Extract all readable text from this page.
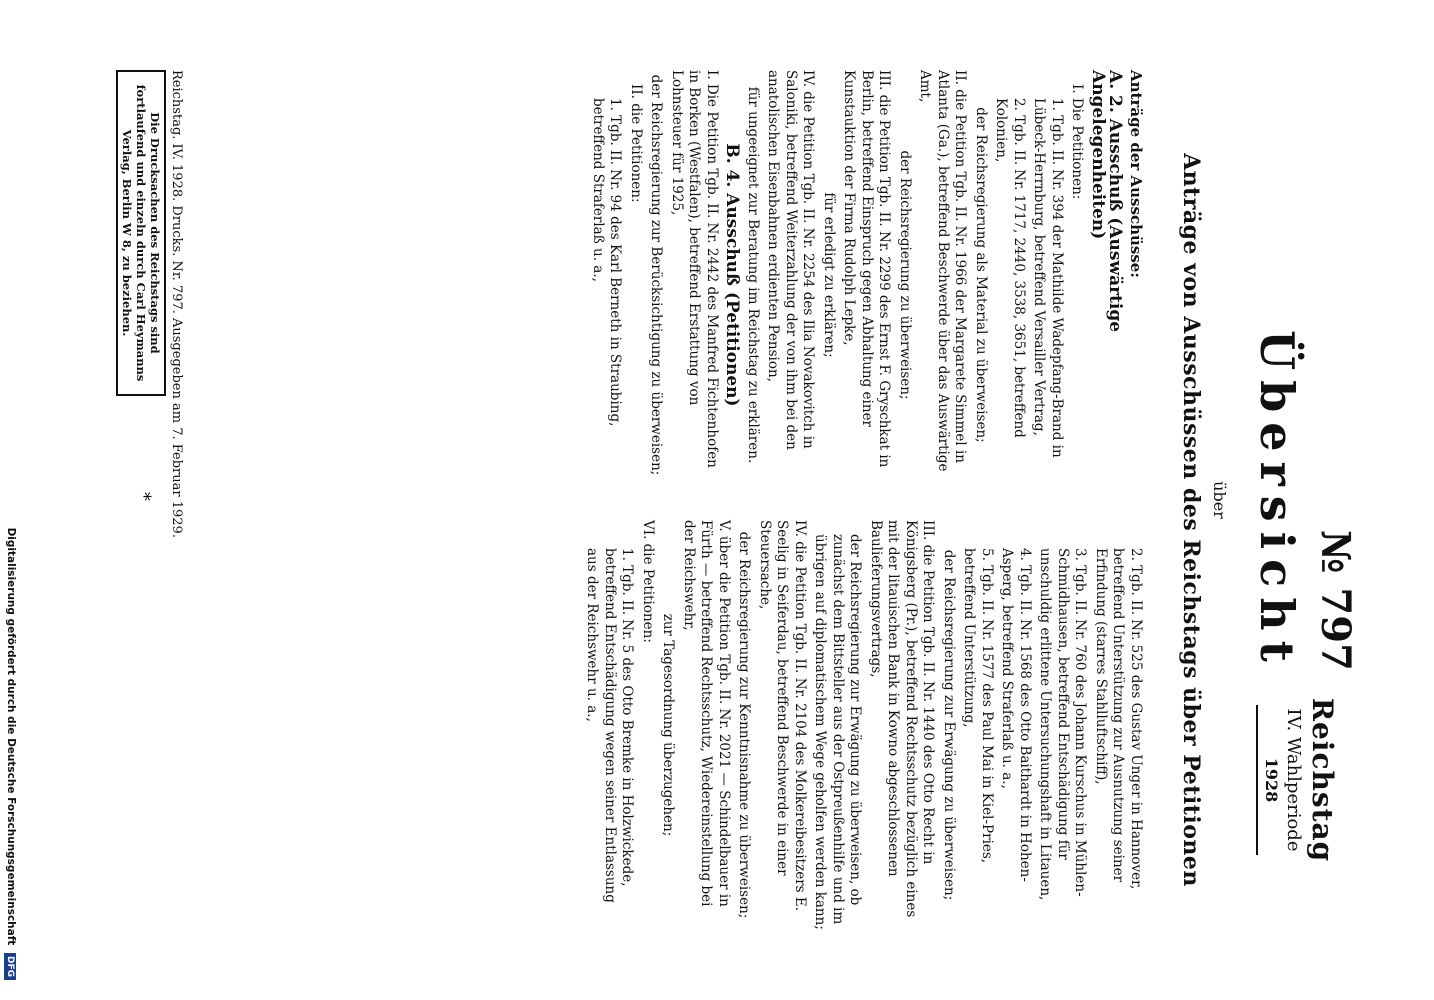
Reichstag
IV. Wahlperiode
1928
№ 797
Übersicht
über
Anträge von Ausschüssen des Reichstags über Petitionen

Anträge der Ausschüsse:

A. 2. Ausschuß (Auswärtige Angelegenheiten)

I. Die Petitionen:

1. Tgb. II. Nr. 394 der Mathilde Wadepfang-Brand in Lübeck-Herrnburg, betreffend Versailler Vertrag,

2. Tgb. II. Nr. 1717, 2440, 3538, 3651, betreffend Kolonien,

der Reichsregierung als Material zu überweisen;

II. die Petition Tgb. II. Nr. 1966 der Margarete Simmel in Atlanta (Ga.), betreffend Beschwerde über das Auswärtige Amt,

der Reichsregierung zu überweisen;

III. die Petition Tgb. II. Nr. 2299 des Ernst F. Gryschkat in Berlin, betreffend Einspruch gegen Abhaltung einer Kunstauktion der Firma Rudolph Lepke,

für erledigt zu erklären;

IV. die Petition Tgb. II. Nr. 2254 des Ilia Novakovitch in Saloniki, betreffend Weiterzahlung der von ihm bei den anatolischen Eisenbahnen erdienten Pension,

für ungeeignet zur Beratung im Reichstag zu erklären.

B. 4. Ausschuß (Petitionen)

I. Die Petition Tgb. II. Nr. 2442 des Manfred Fichtenhofen in Borken (Westfalen), betreffend Erstattung von Lohnsteuer für 1925,

der Reichsregierung zur Berücksichtigung zu überweisen;

II. die Petitionen:

1. Tgb. II. Nr. 94 des Karl Berneth in Straubing, betreffend Straferlaß u. a.,

2. Tgb. II. Nr. 525 des Gustav Unger in Hannover, betreffend Unterstützung zur Ausnutzung seiner Erfindung (starres Stahlluftschiff),

3. Tgb. II. Nr. 760 des Johann Kurschus in Mühlen-Schmidhausen, betreffend Entschädigung für unschuldig erlittene Untersuchungshaft in Litauen,

4. Tgb. II. Nr. 1568 des Otto Baithardt in Hohen-Asperg, betreffend Straferlaß u. a.,

5. Tgb. II. Nr. 1577 des Paul Mai in Kiel-Pries, betreffend Unterstützung,

der Reichsregierung zur Erwägung zu überweisen;

III. die Petition Tgb. II. Nr. 1440 des Otto Recht in Königsberg (Pr.), betreffend Rechtsschutz bezüglich eines mit der litauischen Bank in Kowno abgeschlossenen Baulieferungsvertrags,

der Reichsregierung zur Erwägung zu überweisen, ob zunächst dem Bittsteller aus der Ostpreußenhilfe und im übrigen auf diplomatischem Wege geholfen werden kann;

IV. die Petition Tgb. II. Nr. 2104 des Molkereibesitzers E. Seelig in Seiferdau, betreffend Beschwerde in einer Steuersache,

der Reichsregierung zur Kenntnisnahme zu überweisen;

V. über die Petition Tgb. II. Nr. 2021 — Schindelbauer in Fürth — betreffend Rechtsschutz, Wiedereinstellung bei der Reichswehr,

zur Tagesordnung überzugehen;

VI. die Petitionen:

1. Tgb. II. Nr. 5 des Otto Bremke in Holzwickede, betreffend Entschädigung wegen seiner Entlassung aus der Reichswehr u. a.,

Reichstag. IV. 1928. Drucks. Nr. 797. Ausgegeben am 7. Februar 1929.
Die Drucksachen des Reichstags sind fortlaufend und einzeln durch Carl Heymanns Verlag, Berlin W 8, zu beziehen.
*
Digitalisierung gefördert durch die Deutsche Forschungsgemeinschaft DFG
